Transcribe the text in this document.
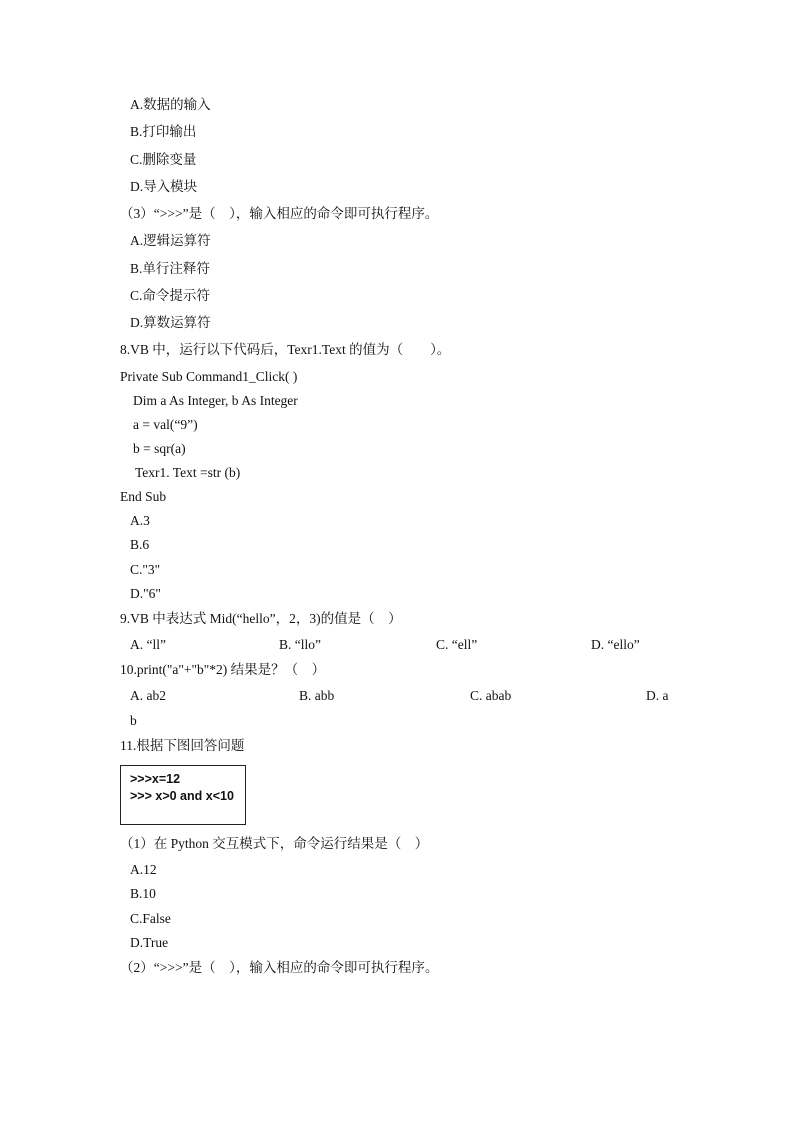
A.数据的输入
B.打印输出
C.删除变量
D.导入模块
（3）“>>>”是（　），输入相应的命令即可执行程序。
A.逻辑运算符
B.单行注释符
C.命令提示符
D.算数运算符
8.VB 中，运行以下代码后，Texr1.Text 的值为（　　）。
Private Sub Command1_Click( )
Dim a As Integer, b As Integer
a = val(“9”)
b = sqr(a)
Texr1. Text =str (b)
End Sub
A.3
B.6
C."3"
D."6"
9.VB 中表达式 Mid(“hello”，2，3)的值是（　）
A. “ll”	B. “llo”	C. “ell”	D. “ello”
10.print("a"+"b"*2) 结果是？（　）
A. ab2	B. abb	C. abab	D. a
b
11.根据下图回答问题
>>>x=12
>>> x>0 and x<10
（1）在 Python 交互模式下，命令运行结果是（　）
A.12
B.10
C.False
D.True
（2）“>>>”是（　），输入相应的命令即可执行程序。
